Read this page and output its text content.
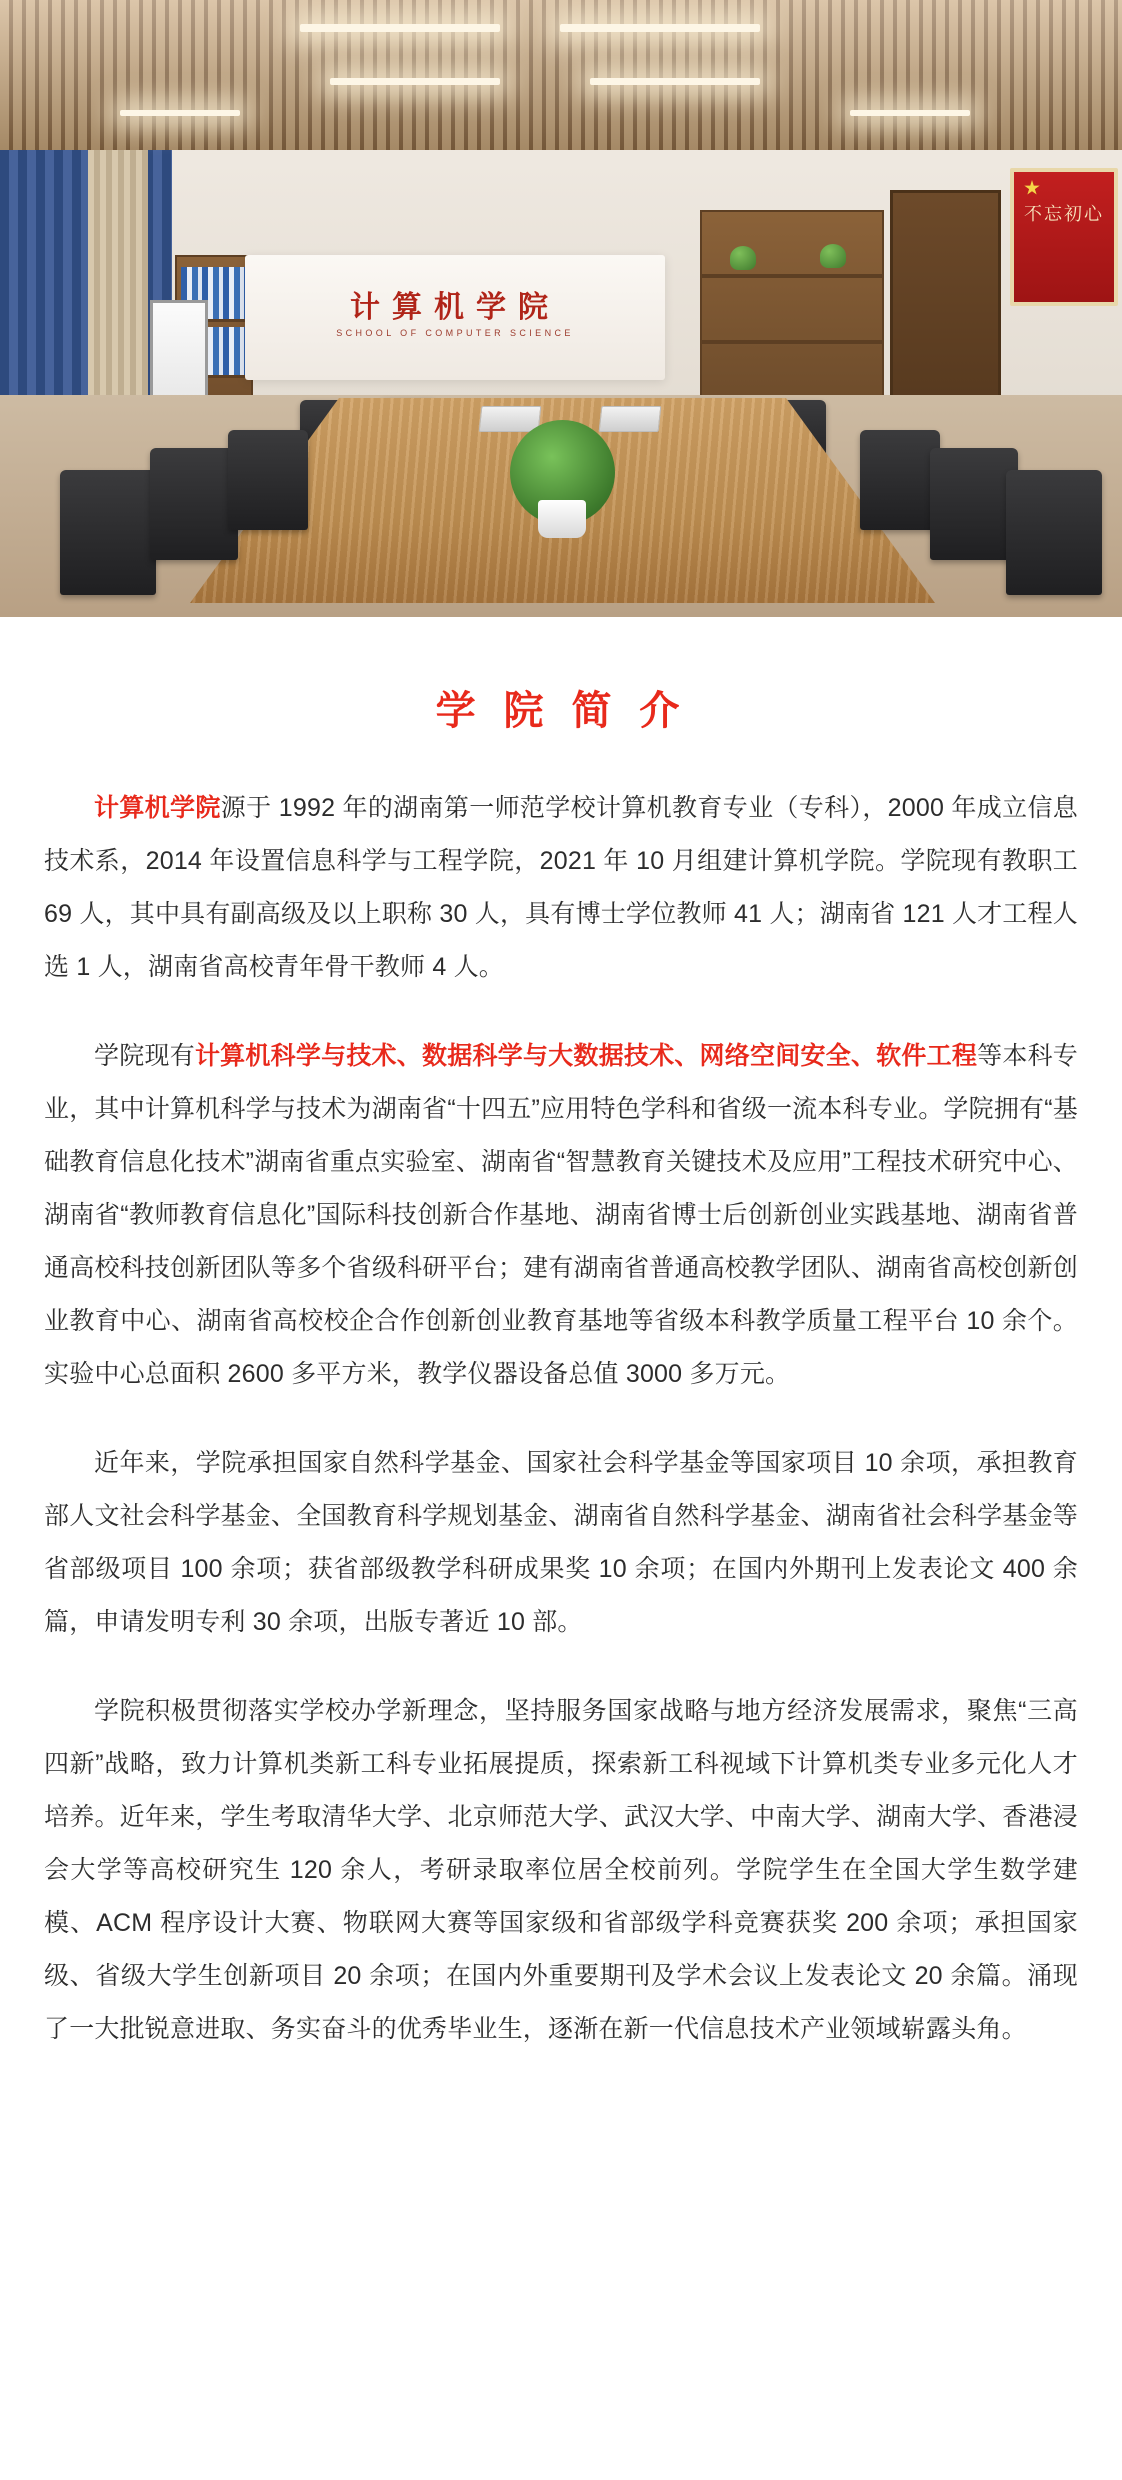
计算机学院
SCHOOL OF COMPUTER SCIENCE
不忘初心
学 院 简 介

计算机学院源于 1992 年的湖南第一师范学校计算机教育专业（专科），2000 年成立信息技术系，2014 年设置信息科学与工程学院，2021 年 10 月组建计算机学院。学院现有教职工 69 人，其中具有副高级及以上职称 30 人，具有博士学位教师 41 人；湖南省 121 人才工程人选 1 人，湖南省高校青年骨干教师 4 人。

学院现有计算机科学与技术、数据科学与大数据技术、网络空间安全、软件工程等本科专业，其中计算机科学与技术为湖南省“十四五”应用特色学科和省级一流本科专业。学院拥有“基础教育信息化技术”湖南省重点实验室、湖南省“智慧教育关键技术及应用”工程技术研究中心、湖南省“教师教育信息化”国际科技创新合作基地、湖南省博士后创新创业实践基地、湖南省普通高校科技创新团队等多个省级科研平台；建有湖南省普通高校教学团队、湖南省高校创新创业教育中心、湖南省高校校企合作创新创业教育基地等省级本科教学质量工程平台 10 余个。实验中心总面积 2600 多平方米，教学仪器设备总值 3000 多万元。

近年来，学院承担国家自然科学基金、国家社会科学基金等国家项目 10 余项，承担教育部人文社会科学基金、全国教育科学规划基金、湖南省自然科学基金、湖南省社会科学基金等省部级项目 100 余项；获省部级教学科研成果奖 10 余项；在国内外期刊上发表论文 400 余篇，申请发明专利 30 余项，出版专著近 10 部。

学院积极贯彻落实学校办学新理念，坚持服务国家战略与地方经济发展需求，聚焦“三高四新”战略，致力计算机类新工科专业拓展提质，探索新工科视域下计算机类专业多元化人才培养。近年来，学生考取清华大学、北京师范大学、武汉大学、中南大学、湖南大学、香港浸会大学等高校研究生 120 余人，考研录取率位居全校前列。学院学生在全国大学生数学建模、ACM 程序设计大赛、物联网大赛等国家级和省部级学科竞赛获奖 200 余项；承担国家级、省级大学生创新项目 20 余项；在国内外重要期刊及学术会议上发表论文 20 余篇。涌现了一大批锐意进取、务实奋斗的优秀毕业生，逐渐在新一代信息技术产业领域崭露头角。
